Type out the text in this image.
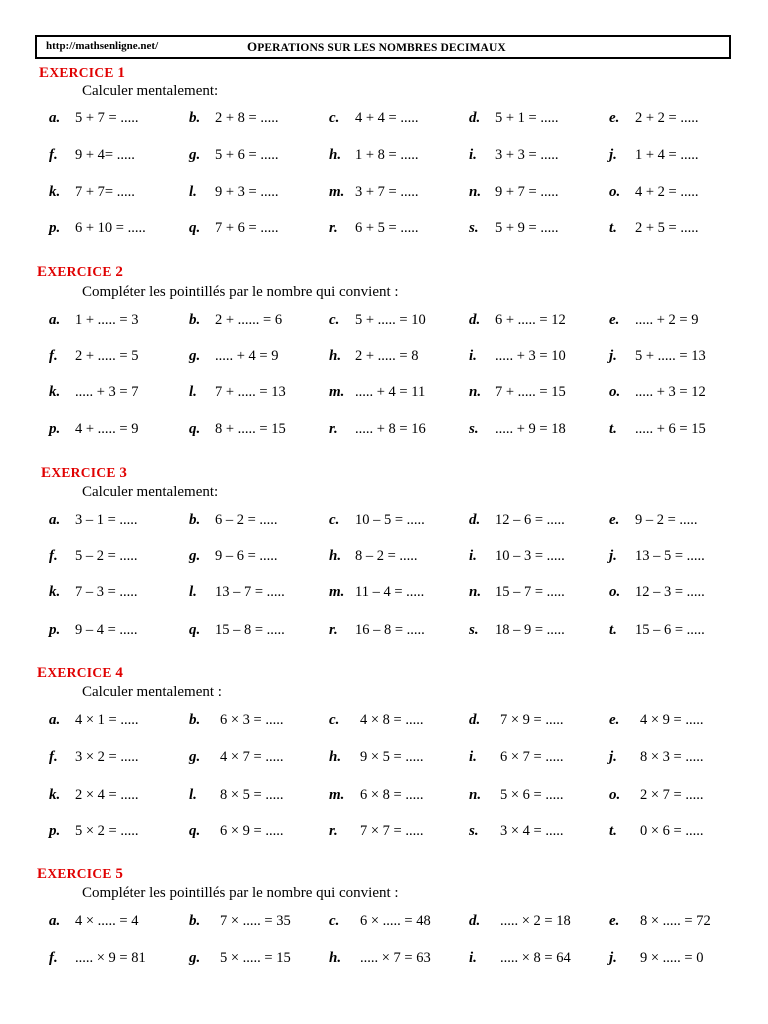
http://mathsenligne.net/	OPERATIONS SUR LES NOMBRES DECIMAUX
EXERCICE 1
Calculer mentalement:
a. 5 + 7 = .....	b. 2 + 8 = .....	c. 4 + 4 = .....	d. 5 + 1 = .....	e. 2 + 2 = .....
f. 9 + 4= .....	g. 5 + 6 = .....	h. 1 + 8 = .....	i. 3 + 3 = .....	j. 1 + 4 = .....
k. 7 + 7= .....	l. 9 + 3 = .....	m. 3 + 7 = .....	n. 9 + 7 = .....	o. 4 + 2 = .....
p. 6 + 10 = .....	q. 7 + 6 = .....	r. 6 + 5 = .....	s. 5 + 9 = .....	t. 2 + 5 = .....
EXERCICE 2
Compléter les pointillés par le nombre qui convient :
a. 1 + ..... = 3	b. 2 + ...... = 6	c. 5 + ..... = 10	d. 6 + ..... = 12	e. ..... + 2 = 9
f. 2 + ..... = 5	g. ..... + 4 = 9	h. 2 + ..... = 8	i. ..... + 3 = 10	j. 5 + ..... = 13
k. ..... + 3 = 7	l. 7 + ..... = 13	m. ..... + 4 = 11	n. 7 + ..... = 15	o. ..... + 3 = 12
p. 4 + ..... = 9	q. 8 + ..... = 15	r. ..... + 8 = 16	s. ..... + 9 = 18	t. ..... + 6 = 15
EXERCICE 3
Calculer mentalement:
a. 3 – 1 = .....	b. 6 – 2 = .....	c. 10 – 5 = .....	d. 12 – 6 = .....	e. 9 – 2 = .....
f. 5 – 2 = .....	g. 9 – 6 = .....	h. 8 – 2 = .....	i. 10 – 3 = .....	j. 13 – 5 = .....
k. 7 – 3 = .....	l. 13 – 7 = .....	m. 11 – 4 = .....	n. 15 – 7 = .....	o. 12 – 3 = .....
p. 9 – 4 = .....	q. 15 – 8 = .....	r. 16 – 8 = .....	s. 18 – 9 = .....	t. 15 – 6 = .....
EXERCICE 4
Calculer mentalement :
a. 4 × 1 = .....	b. 6 × 3 = .....	c. 4 × 8 = .....	d. 7 × 9 = .....	e. 4 × 9 = .....
f. 3 × 2 = .....	g. 4 × 7 = .....	h. 9 × 5 = .....	i. 6 × 7 = .....	j. 8 × 3 = .....
k. 2 × 4 = .....	l. 8 × 5 = .....	m. 6 × 8 = .....	n. 5 × 6 = .....	o. 2 × 7 = .....
p. 5 × 2 = .....	q. 6 × 9 = .....	r. 7 × 7 = .....	s. 3 × 4 = .....	t. 0 × 6 = .....
EXERCICE 5
Compléter les pointillés par le nombre qui convient :
a. 4 × ..... = 4	b. 7 × ..... = 35	c. 6 × ..... = 48	d. ..... × 2 = 18	e. 8 × ..... = 72
f. ..... × 9 = 81	g. 5 × ..... = 15	h. ..... × 7 = 63	i. ..... × 8 = 64	j. 9 × ..... = 0
